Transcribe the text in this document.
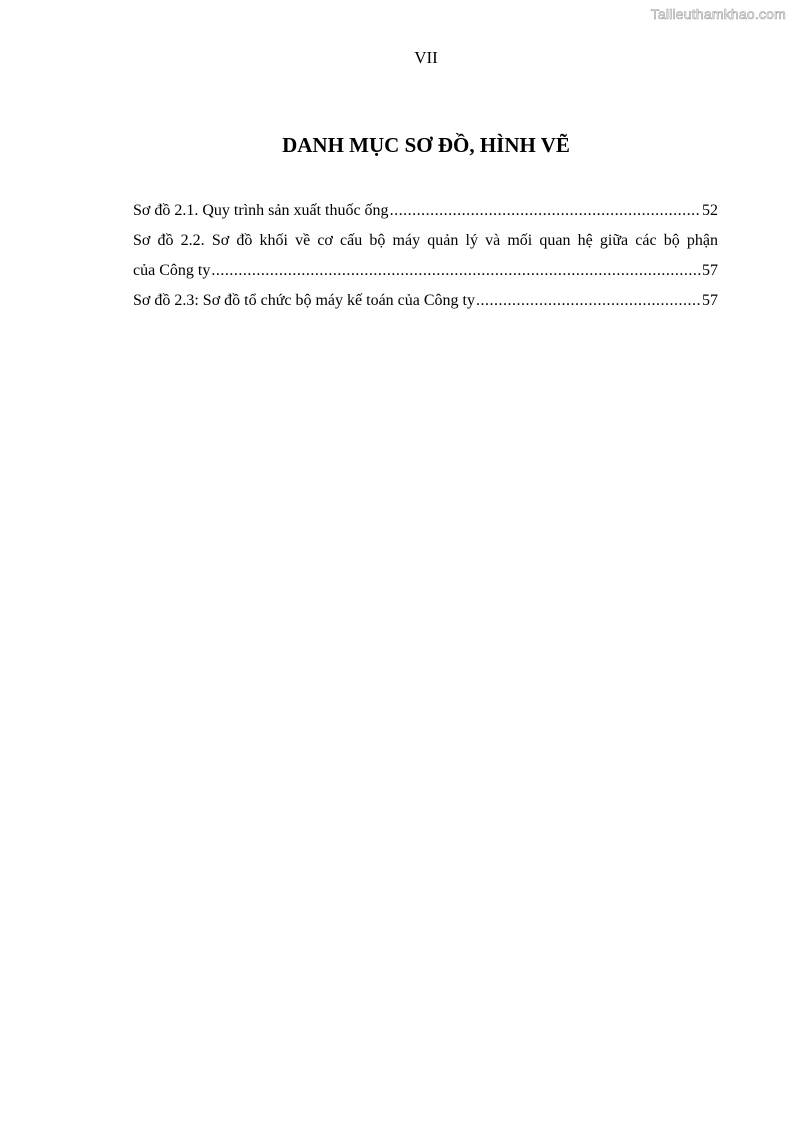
Tailieuthamkhao.com
VII
DANH MỤC SƠ ĐỒ, HÌNH VẼ
Sơ đồ 2.1. Quy trình sản xuất thuốc ống .....	52
Sơ đồ 2.2. Sơ đồ khối về cơ cấu bộ máy quản lý và mối quan hệ giữa các bộ phận
của Công ty .....	57
Sơ đồ 2.3: Sơ đồ tổ chức bộ máy kế toán của Công ty .....	57
